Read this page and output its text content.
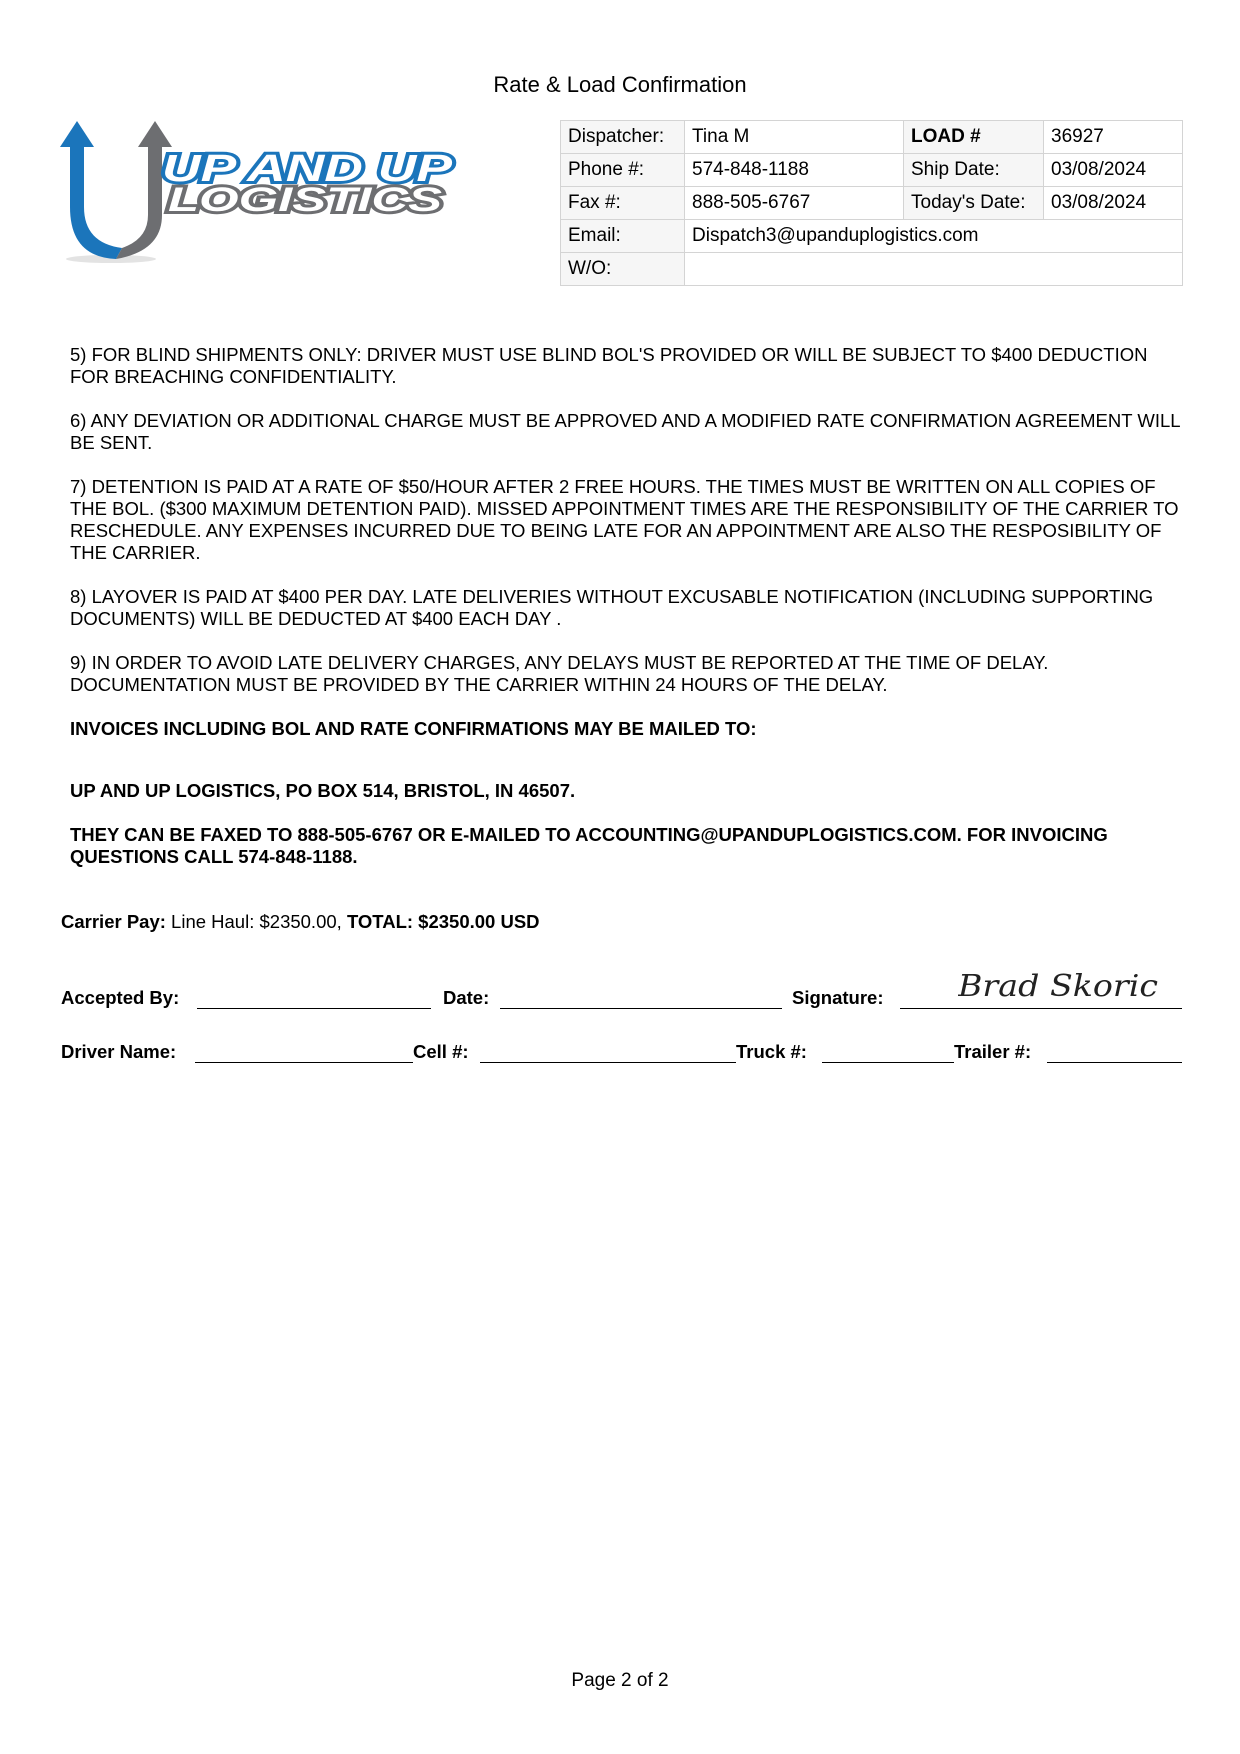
Rate & Load Confirmation
UP AND UP
LOGISTICS
Dispatcher:	Tina M	LOAD #	36927
Phone #:	574-848-1188	Ship Date:	03/08/2024
Fax #:	888-505-6767	Today's Date:	03/08/2024
Email:	Dispatch3@upanduplogistics.com		
W/O:			

5) FOR BLIND SHIPMENTS ONLY: DRIVER MUST USE BLIND BOL'S PROVIDED OR WILL BE SUBJECT TO $400 DEDUCTION FOR BREACHING CONFIDENTIALITY.

6) ANY DEVIATION OR ADDITIONAL CHARGE MUST BE APPROVED AND A MODIFIED RATE CONFIRMATION AGREEMENT WILL BE SENT.

7) DETENTION IS PAID AT A RATE OF $50/HOUR AFTER 2 FREE HOURS. THE TIMES MUST BE WRITTEN ON ALL COPIES OF THE BOL. ($300 MAXIMUM DETENTION PAID). MISSED APPOINTMENT TIMES ARE THE RESPONSIBILITY OF THE CARRIER TO RESCHEDULE. ANY EXPENSES INCURRED DUE TO BEING LATE FOR AN APPOINTMENT ARE ALSO THE RESPOSIBILITY OF THE CARRIER.

8) LAYOVER IS PAID AT $400 PER DAY. LATE DELIVERIES WITHOUT EXCUSABLE NOTIFICATION (INCLUDING SUPPORTING DOCUMENTS) WILL BE DEDUCTED AT $400 EACH DAY .

9) IN ORDER TO AVOID LATE DELIVERY CHARGES, ANY DELAYS MUST BE REPORTED AT THE TIME OF DELAY. DOCUMENTATION MUST BE PROVIDED BY THE CARRIER WITHIN 24 HOURS OF THE DELAY.

INVOICES INCLUDING BOL AND RATE CONFIRMATIONS MAY BE MAILED TO:

UP AND UP LOGISTICS, PO BOX 514, BRISTOL, IN 46507.

THEY CAN BE FAXED TO 888-505-6767 OR E-MAILED TO ACCOUNTING@UPANDUPLOGISTICS.COM. FOR INVOICING QUESTIONS CALL 574-848-1188.

Carrier Pay: Line Haul: $2350.00, TOTAL: $2350.00 USD
Accepted By:	Date:	Signature: Brad Skoric
Driver Name:	Cell #:	Truck #:	Trailer #:
Page 2 of 2
